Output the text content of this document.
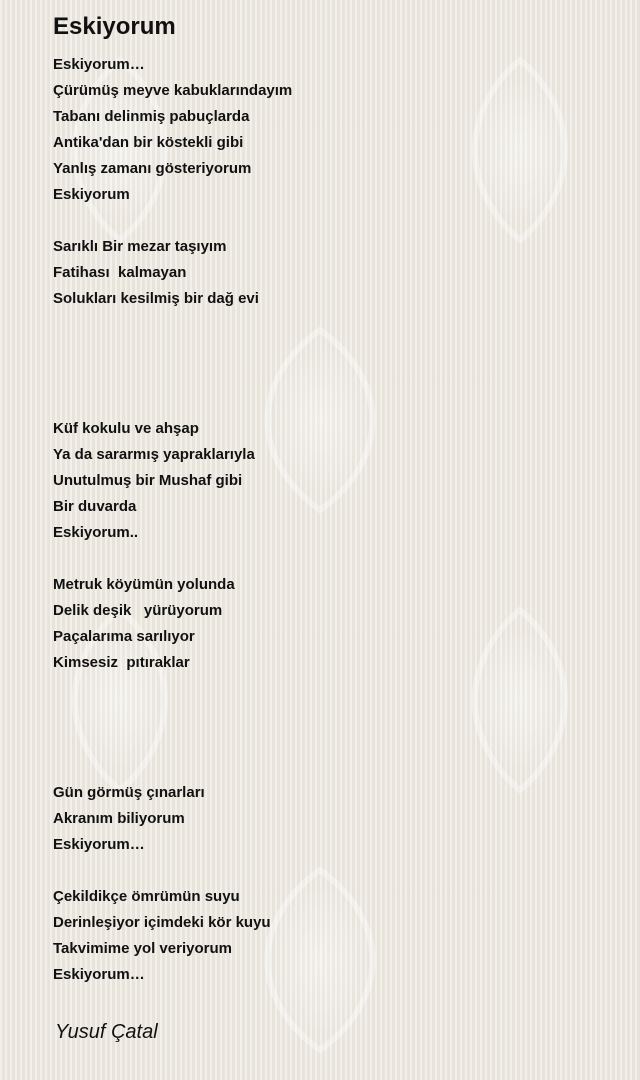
Eskiyorum
Eskiyorum…
Çürümüş meyve kabuklarındayım
Tabanı delinmiş pabuçlarda
Antika'dan bir köstekli gibi
Yanlış zamanı gösteriyorum
Eskiyorum
Sarıklı Bir mezar taşıyım
Fatihası  kalmayan
Solukları kesilmiş bir dağ evi
Küf kokulu ve ahşap
Ya da sararmış yapraklarıyla
Unutulmuş bir Mushaf gibi
Bir duvarda
Eskiyorum..
Metruk köyümün yolunda
Delik deşik   yürüyorum
Paçalarıma sarılıyor
Kimsesiz  pıtıraklar
Gün görmüş çınarları
Akranım biliyorum
Eskiyorum…
Çekildikçe ömrümün suyu
Derinleşiyor içimdeki kör kuyu
Takvimime yol veriyorum
Eskiyorum…
Yusuf Çatal
